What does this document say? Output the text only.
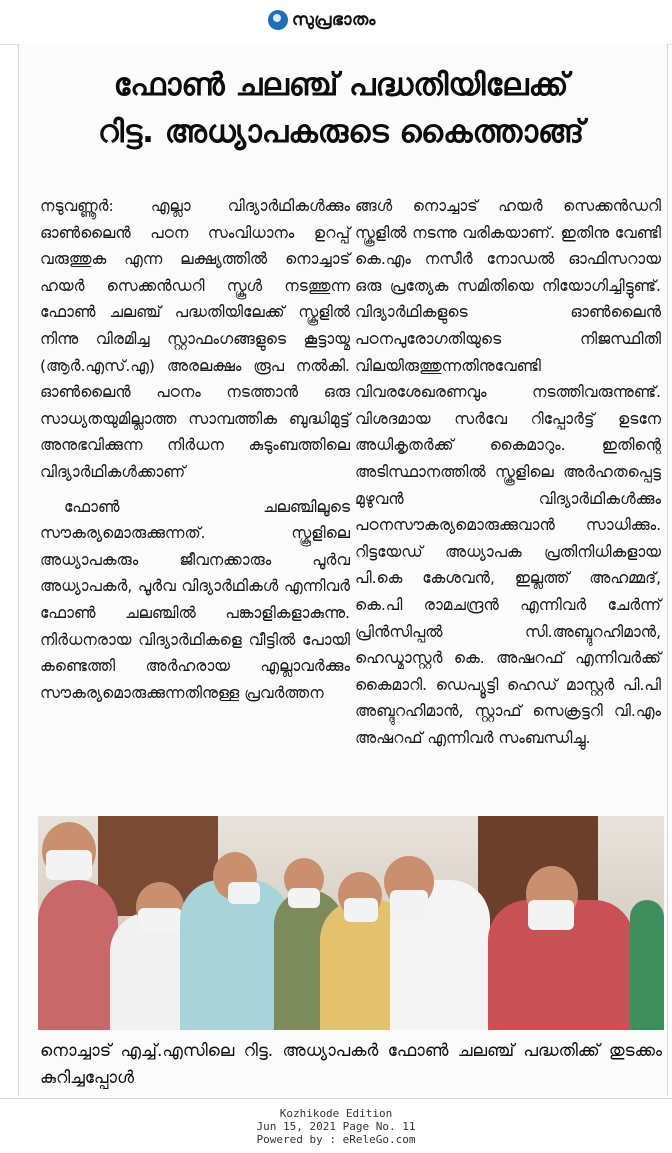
സുപ്രഭാതം
ഫോൺ ചലഞ്ച് പദ്ധതിയിലേക്ക്
റിട്ട. അധ്യാപകരുടെ കൈത്താങ്ങ്

നടുവണ്ണൂർ: എല്ലാ വിദ്യാർഥികൾക്കും ഓൺലൈൻ പഠന സംവിധാനം ഉറപ്പ് വരുത്തുക എന്ന ലക്ഷ്യത്തിൽ നൊച്ചാട് ഹയർ സെക്കൻഡറി സ്കൂൾ നടത്തുന്ന ഫോൺ ചലഞ്ച് പദ്ധതിയിലേക്ക് സ്കൂളിൽ നിന്നു വിരമിച്ച സ്റ്റാഫംഗങ്ങളുടെ കൂട്ടായ്മ (ആർ.എസ്.എ) അരലക്ഷം രൂപ നൽകി. ഓൺലൈൻ പഠനം നടത്താൻ ഒരു സാധ്യതയുമില്ലാത്ത സാമ്പത്തിക ബുദ്ധിമുട്ട് അനുഭവിക്കുന്ന നിർധന കുടുംബത്തിലെ വിദ്യാർഥികൾക്കാണ്

ഫോൺ ചലഞ്ചിലൂടെ സൗകര്യമൊരുക്കുന്നത്. സ്കൂളിലെ അധ്യാപകരും ജീവനക്കാരും പൂർവ അധ്യാപകർ, പൂർവ വിദ്യാർഥികൾ എന്നിവർ ഫോൺ ചലഞ്ചിൽ പങ്കാളികളാകുന്നു. നിർധനരായ വിദ്യാർഥികളെ വീട്ടിൽ പോയി കണ്ടെത്തി അർഹരായ എല്ലാവർക്കും സൗകര്യമൊരുക്കുന്നതിനുള്ള പ്രവർത്തന

ങ്ങൾ നൊച്ചാട് ഹയർ സെക്കൻഡറി സ്കൂളിൽ നടന്നു വരികയാണ്. ഇതിനു വേണ്ടി കെ.എം നസീർ നോഡൽ ഓഫിസറായ ഒരു പ്രത്യേക സമിതിയെ നിയോഗിച്ചിട്ടുണ്ട്. വിദ്യാർഥികളുടെ ഓൺലൈൻ പഠനപുരോഗതിയുടെ നിജസ്ഥിതി വിലയിരുത്തുന്നതിനുവേണ്ടി വിവരശേഖരണവും നടത്തിവരുന്നുണ്ട്. വിശദമായ സർവേ റിപ്പോർട്ട് ഉടനേ അധികൃതർക്ക് കൈമാറും. ഇതിന്റെ അടിസ്ഥാനത്തിൽ സ്കൂളിലെ അർഹതപ്പെട്ട മുഴുവൻ വിദ്യാർഥികൾക്കും പഠനസൗകര്യമൊരുക്കുവാൻ സാധിക്കും. റിട്ടയേഡ് അധ്യാപക പ്രതിനിധികളായ പി.കെ കേശവൻ, ഇല്ലത്ത് അഹമ്മദ്, കെ.പി രാമചന്ദ്രൻ എന്നിവർ ചേർന്ന് പ്രിൻസിപ്പൽ സി.അബ്ദുറഹിമാൻ, ഹെഡ്മാസ്റ്റർ കെ. അഷറഫ് എന്നിവർക്ക് കൈമാറി. ഡെപ്യൂട്ടി ഹെഡ് മാസ്റ്റർ പി.പി അബ്ദുറഹിമാൻ, സ്റ്റാഫ് സെക്രട്ടറി വി.എം അഷറഫ് എന്നിവർ സംബന്ധിച്ചു.

നൊച്ചാട് എച്ച്.എസിലെ റിട്ട. അധ്യാപകർ ഫോൺ ചലഞ്ച് പദ്ധതിക്ക് തുടക്കം കുറിച്ചപ്പോൾ

Kozhikode Edition
Jun 15, 2021 Page No. 11
Powered by : eReleGo.com
